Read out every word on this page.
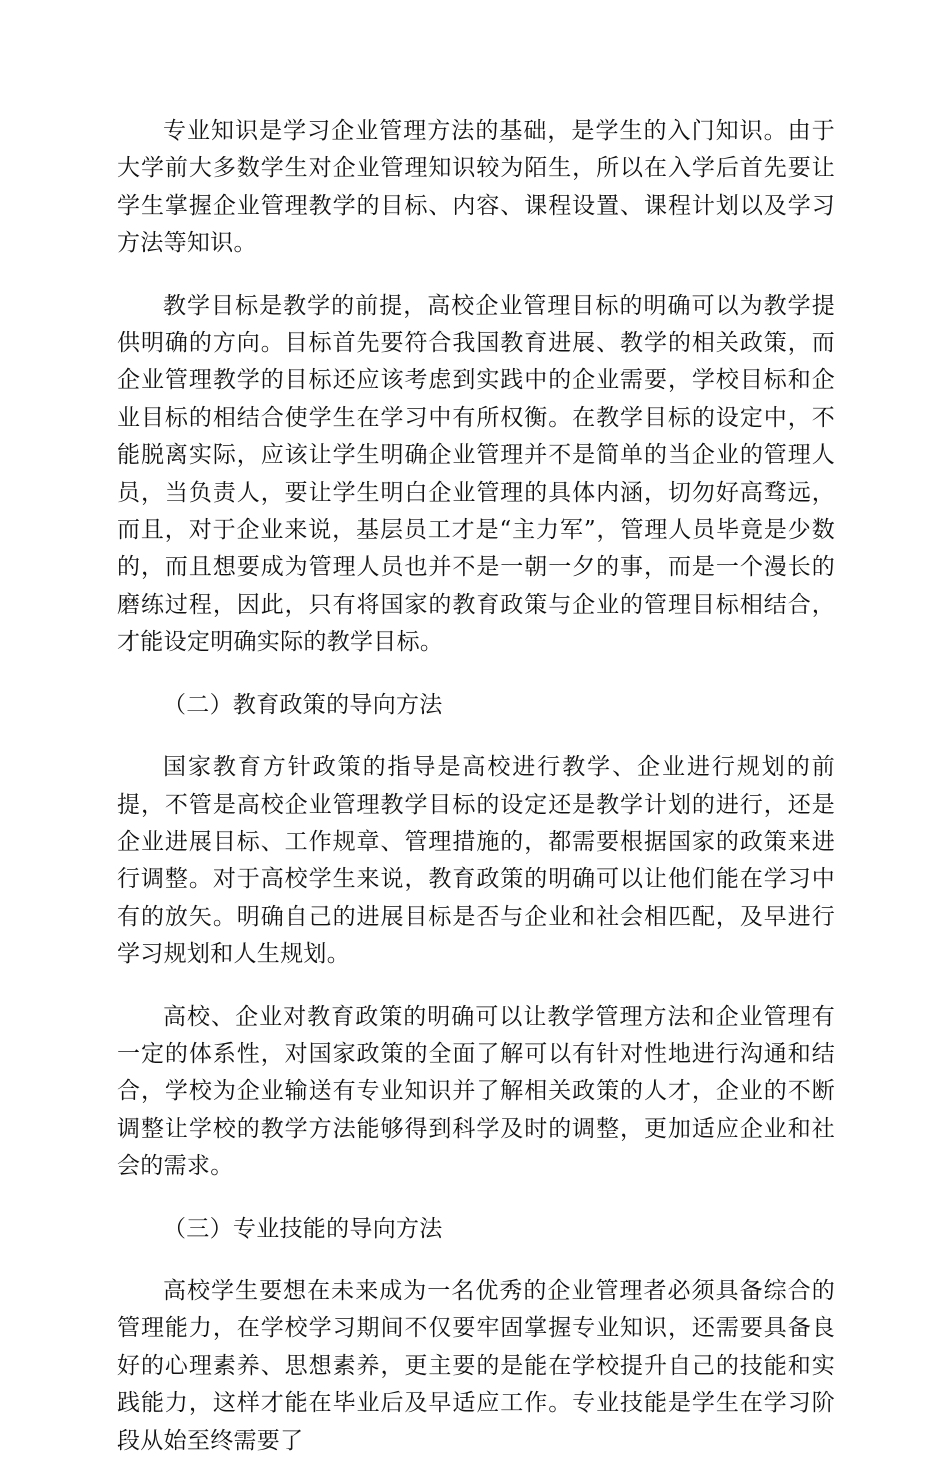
专业知识是学习企业管理方法的基础，是学生的入门知识。由于大学前大多数学生对企业管理知识较为陌生，所以在入学后首先要让学生掌握企业管理教学的目标、内容、课程设置、课程计划以及学习方法等知识。

教学目标是教学的前提，高校企业管理目标的明确可以为教学提供明确的方向。目标首先要符合我国教育进展、教学的相关政策，而企业管理教学的目标还应该考虑到实践中的企业需要，学校目标和企业目标的相结合使学生在学习中有所权衡。在教学目标的设定中，不能脱离实际，应该让学生明确企业管理并不是简单的当企业的管理人员，当负责人，要让学生明白企业管理的具体内涵，切勿好高骛远，而且，对于企业来说，基层员工才是“主力军”，管理人员毕竟是少数的，而且想要成为管理人员也并不是一朝一夕的事，而是一个漫长的磨练过程，因此，只有将国家的教育政策与企业的管理目标相结合，才能设定明确实际的教学目标。

（二）教育政策的导向方法

国家教育方针政策的指导是高校进行教学、企业进行规划的前提，不管是高校企业管理教学目标的设定还是教学计划的进行，还是企业进展目标、工作规章、管理措施的，都需要根据国家的政策来进行调整。对于高校学生来说，教育政策的明确可以让他们能在学习中有的放矢。明确自己的进展目标是否与企业和社会相匹配，及早进行学习规划和人生规划。

高校、企业对教育政策的明确可以让教学管理方法和企业管理有一定的体系性，对国家政策的全面了解可以有针对性地进行沟通和结合，学校为企业输送有专业知识并了解相关政策的人才，企业的不断调整让学校的教学方法能够得到科学及时的调整，更加适应企业和社会的需求。

（三）专业技能的导向方法

高校学生要想在未来成为一名优秀的企业管理者必须具备综合的管理能力，在学校学习期间不仅要牢固掌握专业知识，还需要具备良好的心理素养、思想素养，更主要的是能在学校提升自己的技能和实践能力，这样才能在毕业后及早适应工作。专业技能是学生在学习阶段从始至终需要了
